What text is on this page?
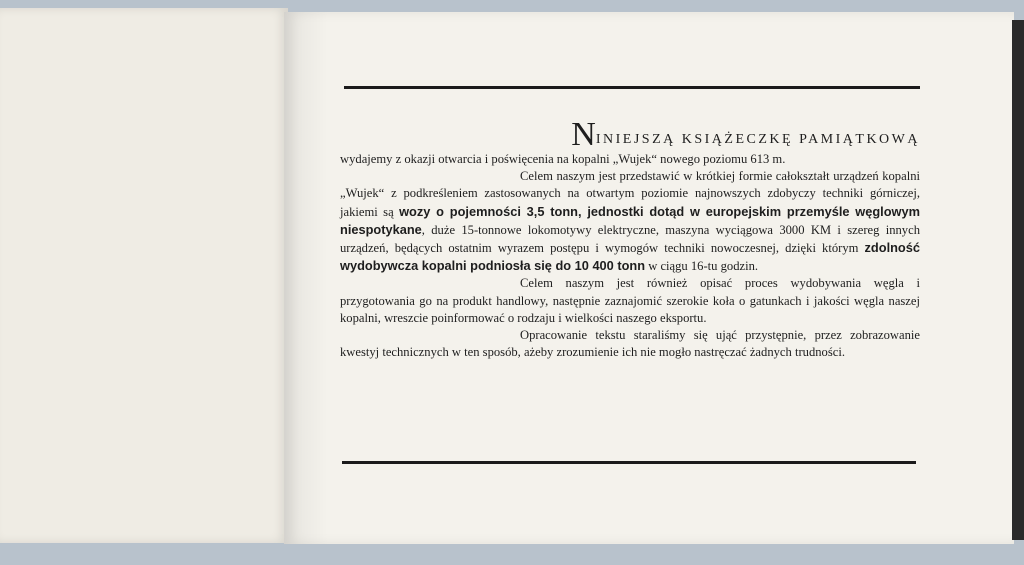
NINIEJSZĄ KSIĄŻECZKĘ PAMIĄTKOWĄ
wydajemy z okazji otwarcia i poświęcenia na kopalni „Wujek“ nowego poziomu 613 m.
Celem naszym jest przedstawić w krótkiej formie całokształt urządzeń kopalni „Wujek“ z podkreśleniem zastosowanych na otwartym poziomie najnowszych zdobyczy techniki górniczej, jakiemi są wozy o pojemności 3,5 tonn, jednostki dotąd w europejskim przemyśle węglowym niespotykane, duże 15-tonnowe lokomotywy elektryczne, maszyna wyciągowa 3000 KM i szereg innych urządzeń, będących ostatnim wyrazem postępu i wymogów techniki nowoczesnej, dzięki którym zdolność wydobywcza kopalni podniosła się do 10 400 tonn w ciągu 16-tu godzin.
Celem naszym jest również opisać proces wydobywania węgla i przygotowania go na produkt handlowy, następnie zaznajomić szerokie koła o gatunkach i jakości węgla naszej kopalni, wreszcie poinformować o rodzaju i wielkości naszego eksportu.
Opracowanie tekstu staraliśmy się ująć przystępnie, przez zobrazowanie kwestyj technicznych w ten sposób, ażeby zrozumienie ich nie mogło nastręczać żadnych trudności.
